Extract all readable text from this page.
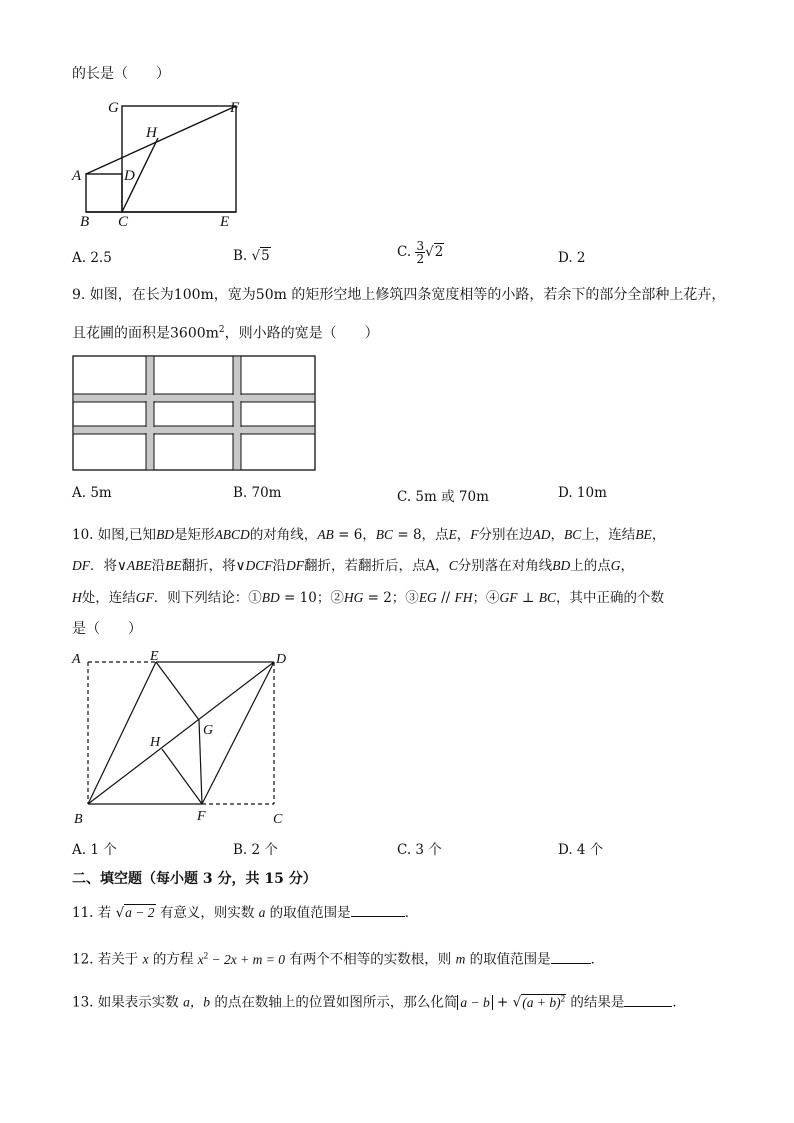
的长是（　　）
G	F
H
A	D
B C	E
A. 2.5	B. √5	C. $\frac{3}{2} √2$	D. 2
9. 如图，在长为100m，宽为50m 的矩形空地上修筑四条宽度相等的小路，若余下的部分全部种上花卉，
且花圃的面积是$3600m^2$，则小路的宽是（　　）
A. 5m	B. 70m	C. 5m 或 70m	D. 10m
10. 如图,已知BD是矩形ABCD的对角线，AB = 6，BC = 8，点E，F分别在边AD，BC上，连结BE，
DF．将∨ABE沿BE翻折，将∨DCF沿DF翻折，若翻折后，点A，C分别落在对角线BD上的点G，
H处，连结GF．则下列结论：①BD = 10；②HG = 2；③EG // FH；④GF ⊥ BC，其中正确的个数
是（　　）
A	E	D
H
G
B	F	C
A. 1 个	B. 2 个	C. 3 个	D. 4 个
二、填空题（每小题 3 分，共 15 分）
11. 若 √a − 2 有意义，则实数 a 的取值范围是	．
12. 若关于 x 的方程 $x^2 - 2x + m = 0$ 有两个不相等的实数根，则 m 的取值范围是	．
13. 如果表示实数 a，b 的点在数轴上的位置如图所示，那么化简 $a - b + √(a + b)^2$ 的结果是	．
